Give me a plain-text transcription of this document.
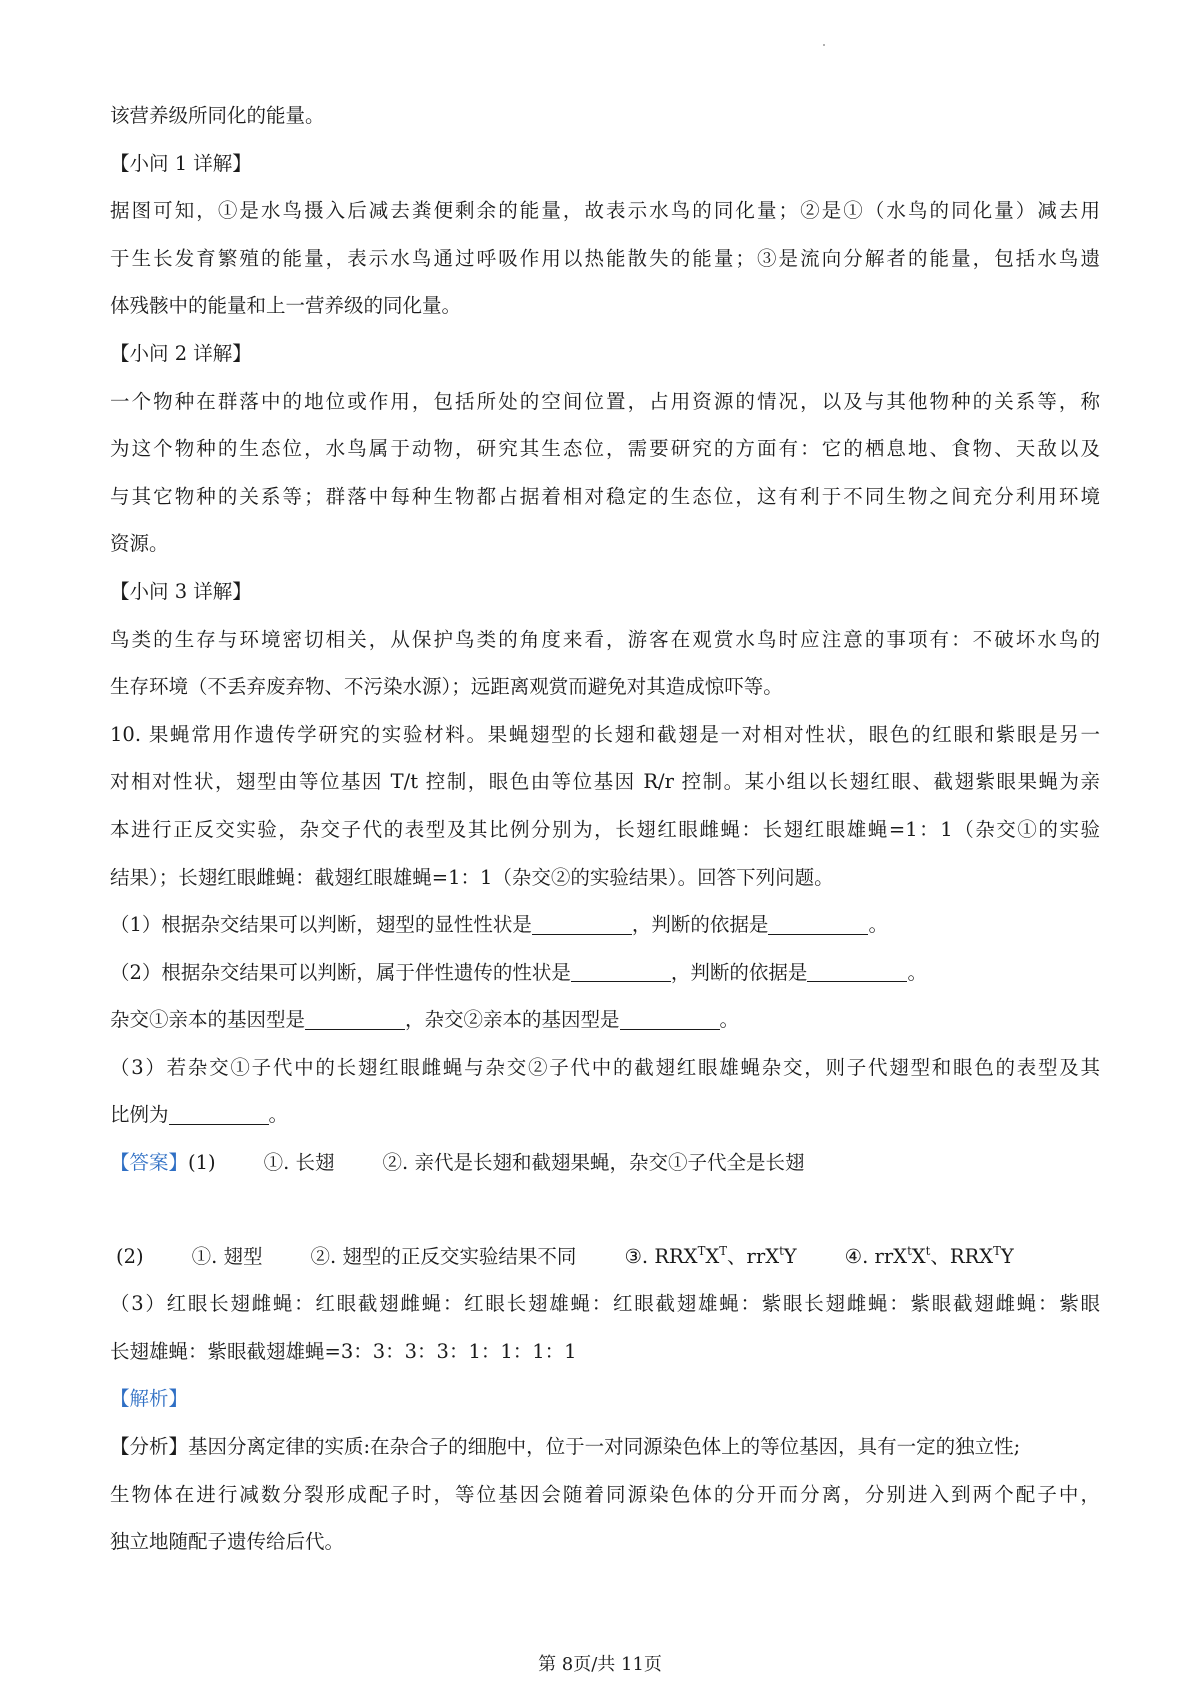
该营养级所同化的能量。
【小问 1 详解】
据图可知，①是水鸟摄入后减去粪便剩余的能量，故表示水鸟的同化量；②是①（水鸟的同化量）减去用
于生长发育繁殖的能量，表示水鸟通过呼吸作用以热能散失的能量；③是流向分解者的能量，包括水鸟遗
体残骸中的能量和上一营养级的同化量。
【小问 2 详解】
一个物种在群落中的地位或作用，包括所处的空间位置，占用资源的情况，以及与其他物种的关系等，称
为这个物种的生态位，水鸟属于动物，研究其生态位，需要研究的方面有：它的栖息地、食物、天敌以及
与其它物种的关系等；群落中每种生物都占据着相对稳定的生态位，这有利于不同生物之间充分利用环境
资源。
【小问 3 详解】
鸟类的生存与环境密切相关，从保护鸟类的角度来看，游客在观赏水鸟时应注意的事项有：不破坏水鸟的
生存环境（不丢弃废弃物、不污染水源）；远距离观赏而避免对其造成惊吓等。
10. 果蝇常用作遗传学研究的实验材料。果蝇翅型的长翅和截翅是一对相对性状，眼色的红眼和紫眼是另一
对相对性状，翅型由等位基因 T/t 控制，眼色由等位基因 R/r 控制。某小组以长翅红眼、截翅紫眼果蝇为亲
本进行正反交实验，杂交子代的表型及其比例分别为，长翅红眼雌蝇：长翅红眼雄蝇=1：1（杂交①的实验
结果）；长翅红眼雌蝇：截翅红眼雄蝇=1：1（杂交②的实验结果）。回答下列问题。
（1）根据杂交结果可以判断，翅型的显性性状是	，判断的依据是	。
（2）根据杂交结果可以判断，属于伴性遗传的性状是	，判断的依据是	。
杂交①亲本的基因型是	，杂交②亲本的基因型是	。
（3）若杂交①子代中的长翅红眼雌蝇与杂交②子代中的截翅红眼雄蝇杂交，则子代翅型和眼色的表型及其
比例为	。
【答案】(1) ①. 长翅 ②. 亲代是长翅和截翅果蝇，杂交①子代全是长翅
(2) ①. 翅型 ②. 翅型的正反交实验结果不同 ③. $RRX^TX^T$、rrX$^t$Y ④. $rrX^tX^t$、$RRX^TY$
（3）红眼长翅雌蝇：红眼截翅雌蝇：红眼长翅雄蝇：红眼截翅雄蝇：紫眼长翅雌蝇：紫眼截翅雌蝇：紫眼
长翅雄蝇：紫眼截翅雄蝇=3：3：3：3：1：1：1：1
【解析】
【分析】基因分离定律的实质:在杂合子的细胞中，位于一对同源染色体上的等位基因，具有一定的独立性;
生物体在进行减数分裂形成配子时，等位基因会随着同源染色体的分开而分离，分别进入到两个配子中，
独立地随配子遗传给后代。
第 8页/共 11页
